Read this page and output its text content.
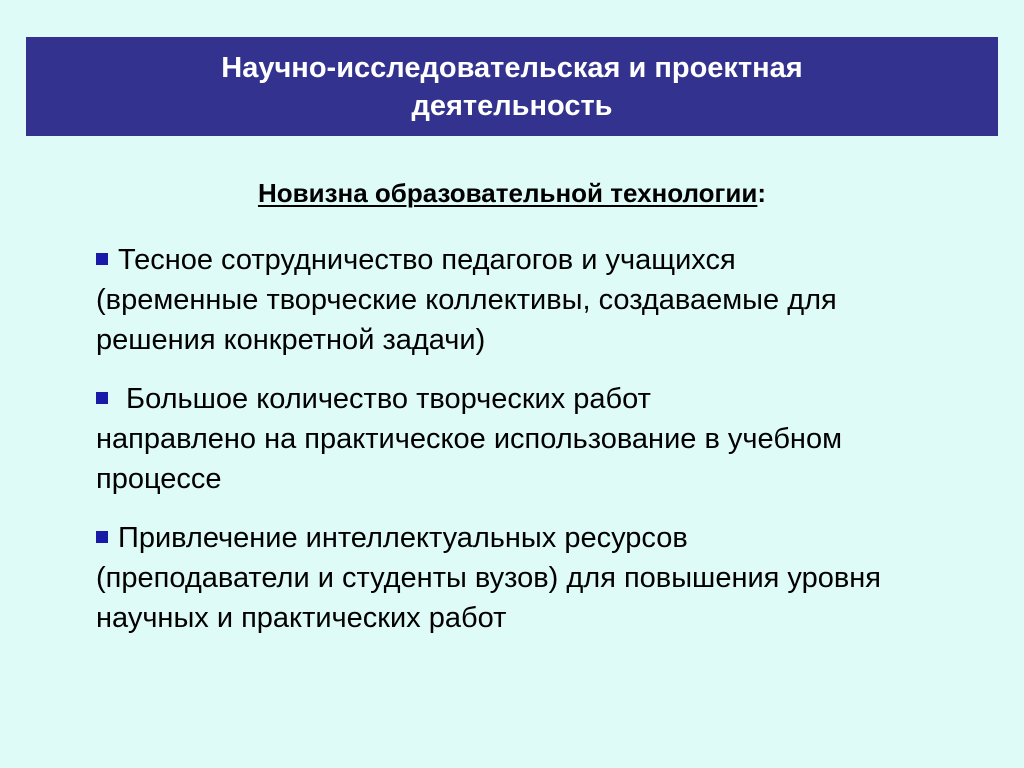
Научно-исследовательская и проектная
деятельность
Новизна образовательной технологии:
Тесное сотрудничество педагогов и учащихся
(временные творческие коллективы, создаваемые для решения конкретной задачи)
Большое количество творческих работ
направлено на практическое использование в учебном процессе
Привлечение интеллектуальных ресурсов
(преподаватели и студенты вузов) для повышения уровня научных и практических работ
